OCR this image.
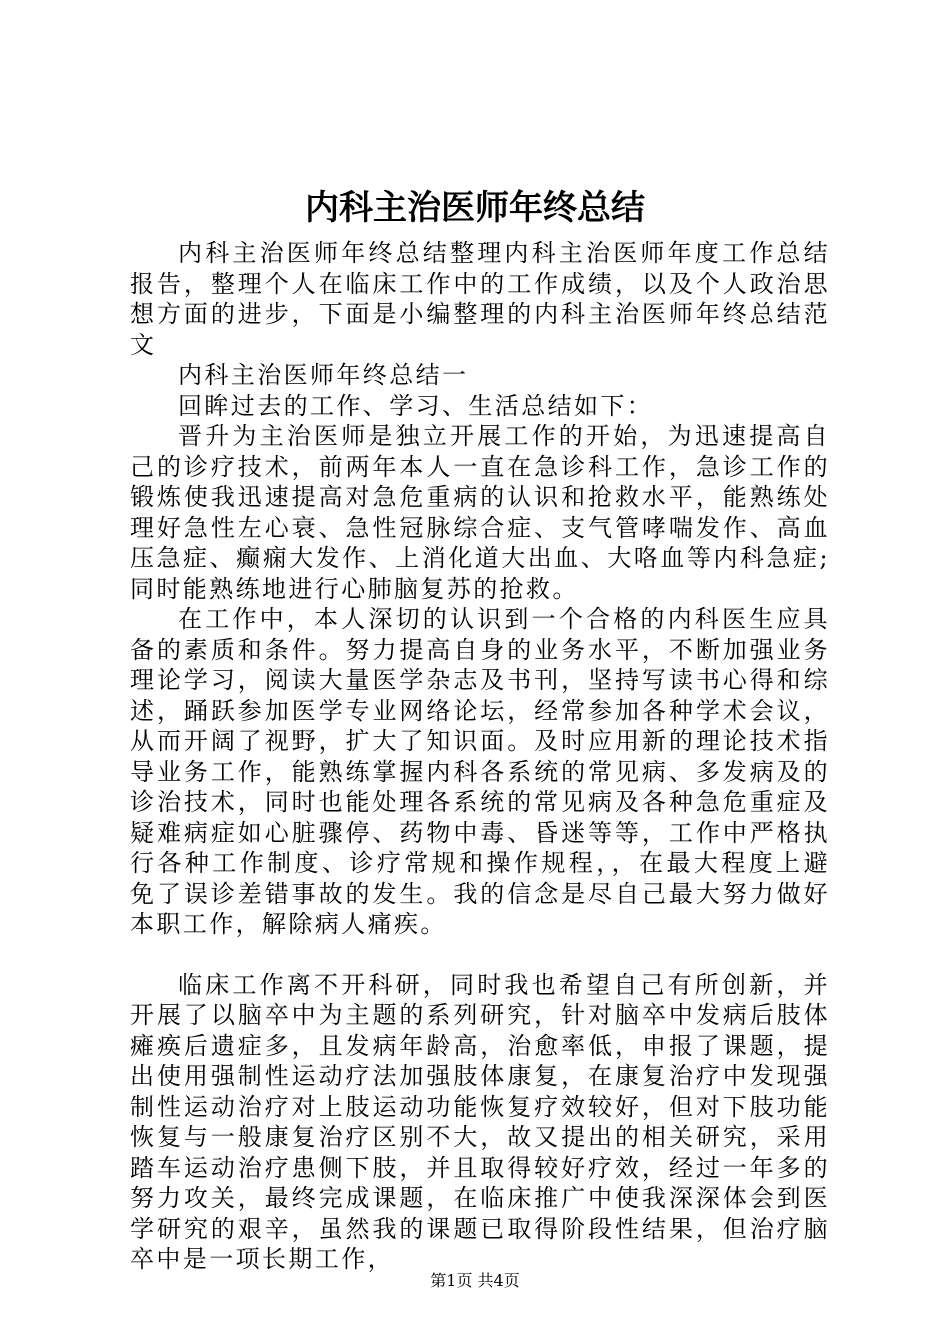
内科主治医师年终总结

内科主治医师年终总结整理内科主治医师年度工作总结报告，整理个人在临床工作中的工作成绩，以及个人政治思想方面的进步，下面是小编整理的内科主治医师年终总结范文

内科主治医师年终总结一

回眸过去的工作、学习、生活总结如下：

晋升为主治医师是独立开展工作的开始，为迅速提高自己的诊疗技术，前两年本人一直在急诊科工作，急诊工作的锻炼使我迅速提高对急危重病的认识和抢救水平，能熟练处理好急性左心衰、急性冠脉综合症、支气管哮喘发作、高血压急症、癫痫大发作、上消化道大出血、大咯血等内科急症;同时能熟练地进行心肺脑复苏的抢救。

在工作中，本人深切的认识到一个合格的内科医生应具备的素质和条件。努力提高自身的业务水平，不断加强业务理论学习，阅读大量医学杂志及书刊，坚持写读书心得和综述，踊跃参加医学专业网络论坛，经常参加各种学术会议，从而开阔了视野，扩大了知识面。及时应用新的理论技术指导业务工作，能熟练掌握内科各系统的常见病、多发病及的诊治技术，同时也能处理各系统的常见病及各种急危重症及疑难病症如心脏骤停、药物中毒、昏迷等等，工作中严格执行各种工作制度、诊疗常规和操作规程，，在最大程度上避免了误诊差错事故的发生。我的信念是尽自己最大努力做好本职工作，解除病人痛疾。

临床工作离不开科研，同时我也希望自己有所创新，并开展了以脑卒中为主题的系列研究，针对脑卒中发病后肢体瘫痪后遗症多，且发病年龄高，治愈率低，申报了课题，提出使用强制性运动疗法加强肢体康复，在康复治疗中发现强制性运动治疗对上肢运动功能恢复疗效较好，但对下肢功能恢复与一般康复治疗区别不大，故又提出的相关研究，采用踏车运动治疗患侧下肢，并且取得较好疗效，经过一年多的努力攻关，最终完成课题，在临床推广中使我深深体会到医学研究的艰辛，虽然我的课题已取得阶段性结果，但治疗脑卒中是一项长期工作，

第1页 共4页
